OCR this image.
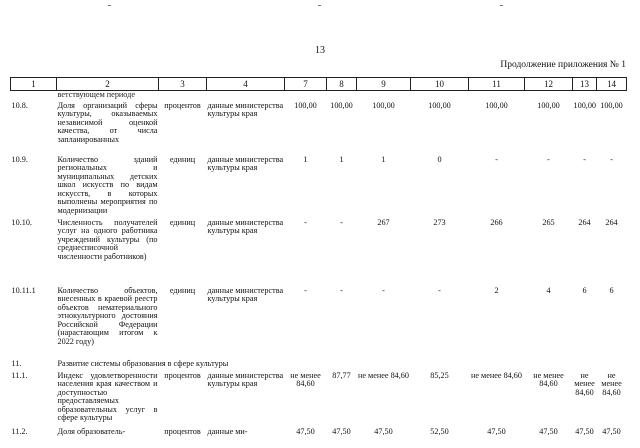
13
Продолжение приложения № 1
1	2	3	4	7	8	9	10	11	12	13	14
	ветствующем периоде										
10.8.	Доля организаций сферы культуры, оказываемых независимой оценкой качества, от числа запланированных	процентов	данные министерства культуры края	100,00	100,00	100,00	100,00	100,00	100,00	100,00	100,00
10.9.	Количество зданий региональных и муниципальных детских школ искусств по видам искусств, в которых выполнены мероприятия по модернизации	единиц	данные министерства культуры края	1	1	1	0	-	-	-	-
10.10.	Численность получателей услуг на одного работника учреждений культуры (по среднесписочной численности работников)	единиц	данные министерства культуры края	-	-	267	273	266	265	264	264
10.11.1	Количество объектов, внесенных в краевой реестр объектов нематериального этнокультурного достояния Российской Федерации (нарастающим итогом к 2022 году)	единиц	данные министерства культуры края	-	-	-	-	2	4	6	6
11.	Развитие системы образования в сфере культуры										
11.1.	Индекс удовлетворенности населения края качеством и доступностью предоставляемых образовательных услуг в сфере культуры	процентов	данные министерства культуры края	не менее 84,60	87,77	не менее 84,60	85,25	не менее 84,60	не менее 84,60	не менее 84,60	не менее 84,60
11.2.	Доля образователь-	процентов	данные ми-	47,50	47,50	47,50	52,50	47,50	47,50	47,50	47,50
